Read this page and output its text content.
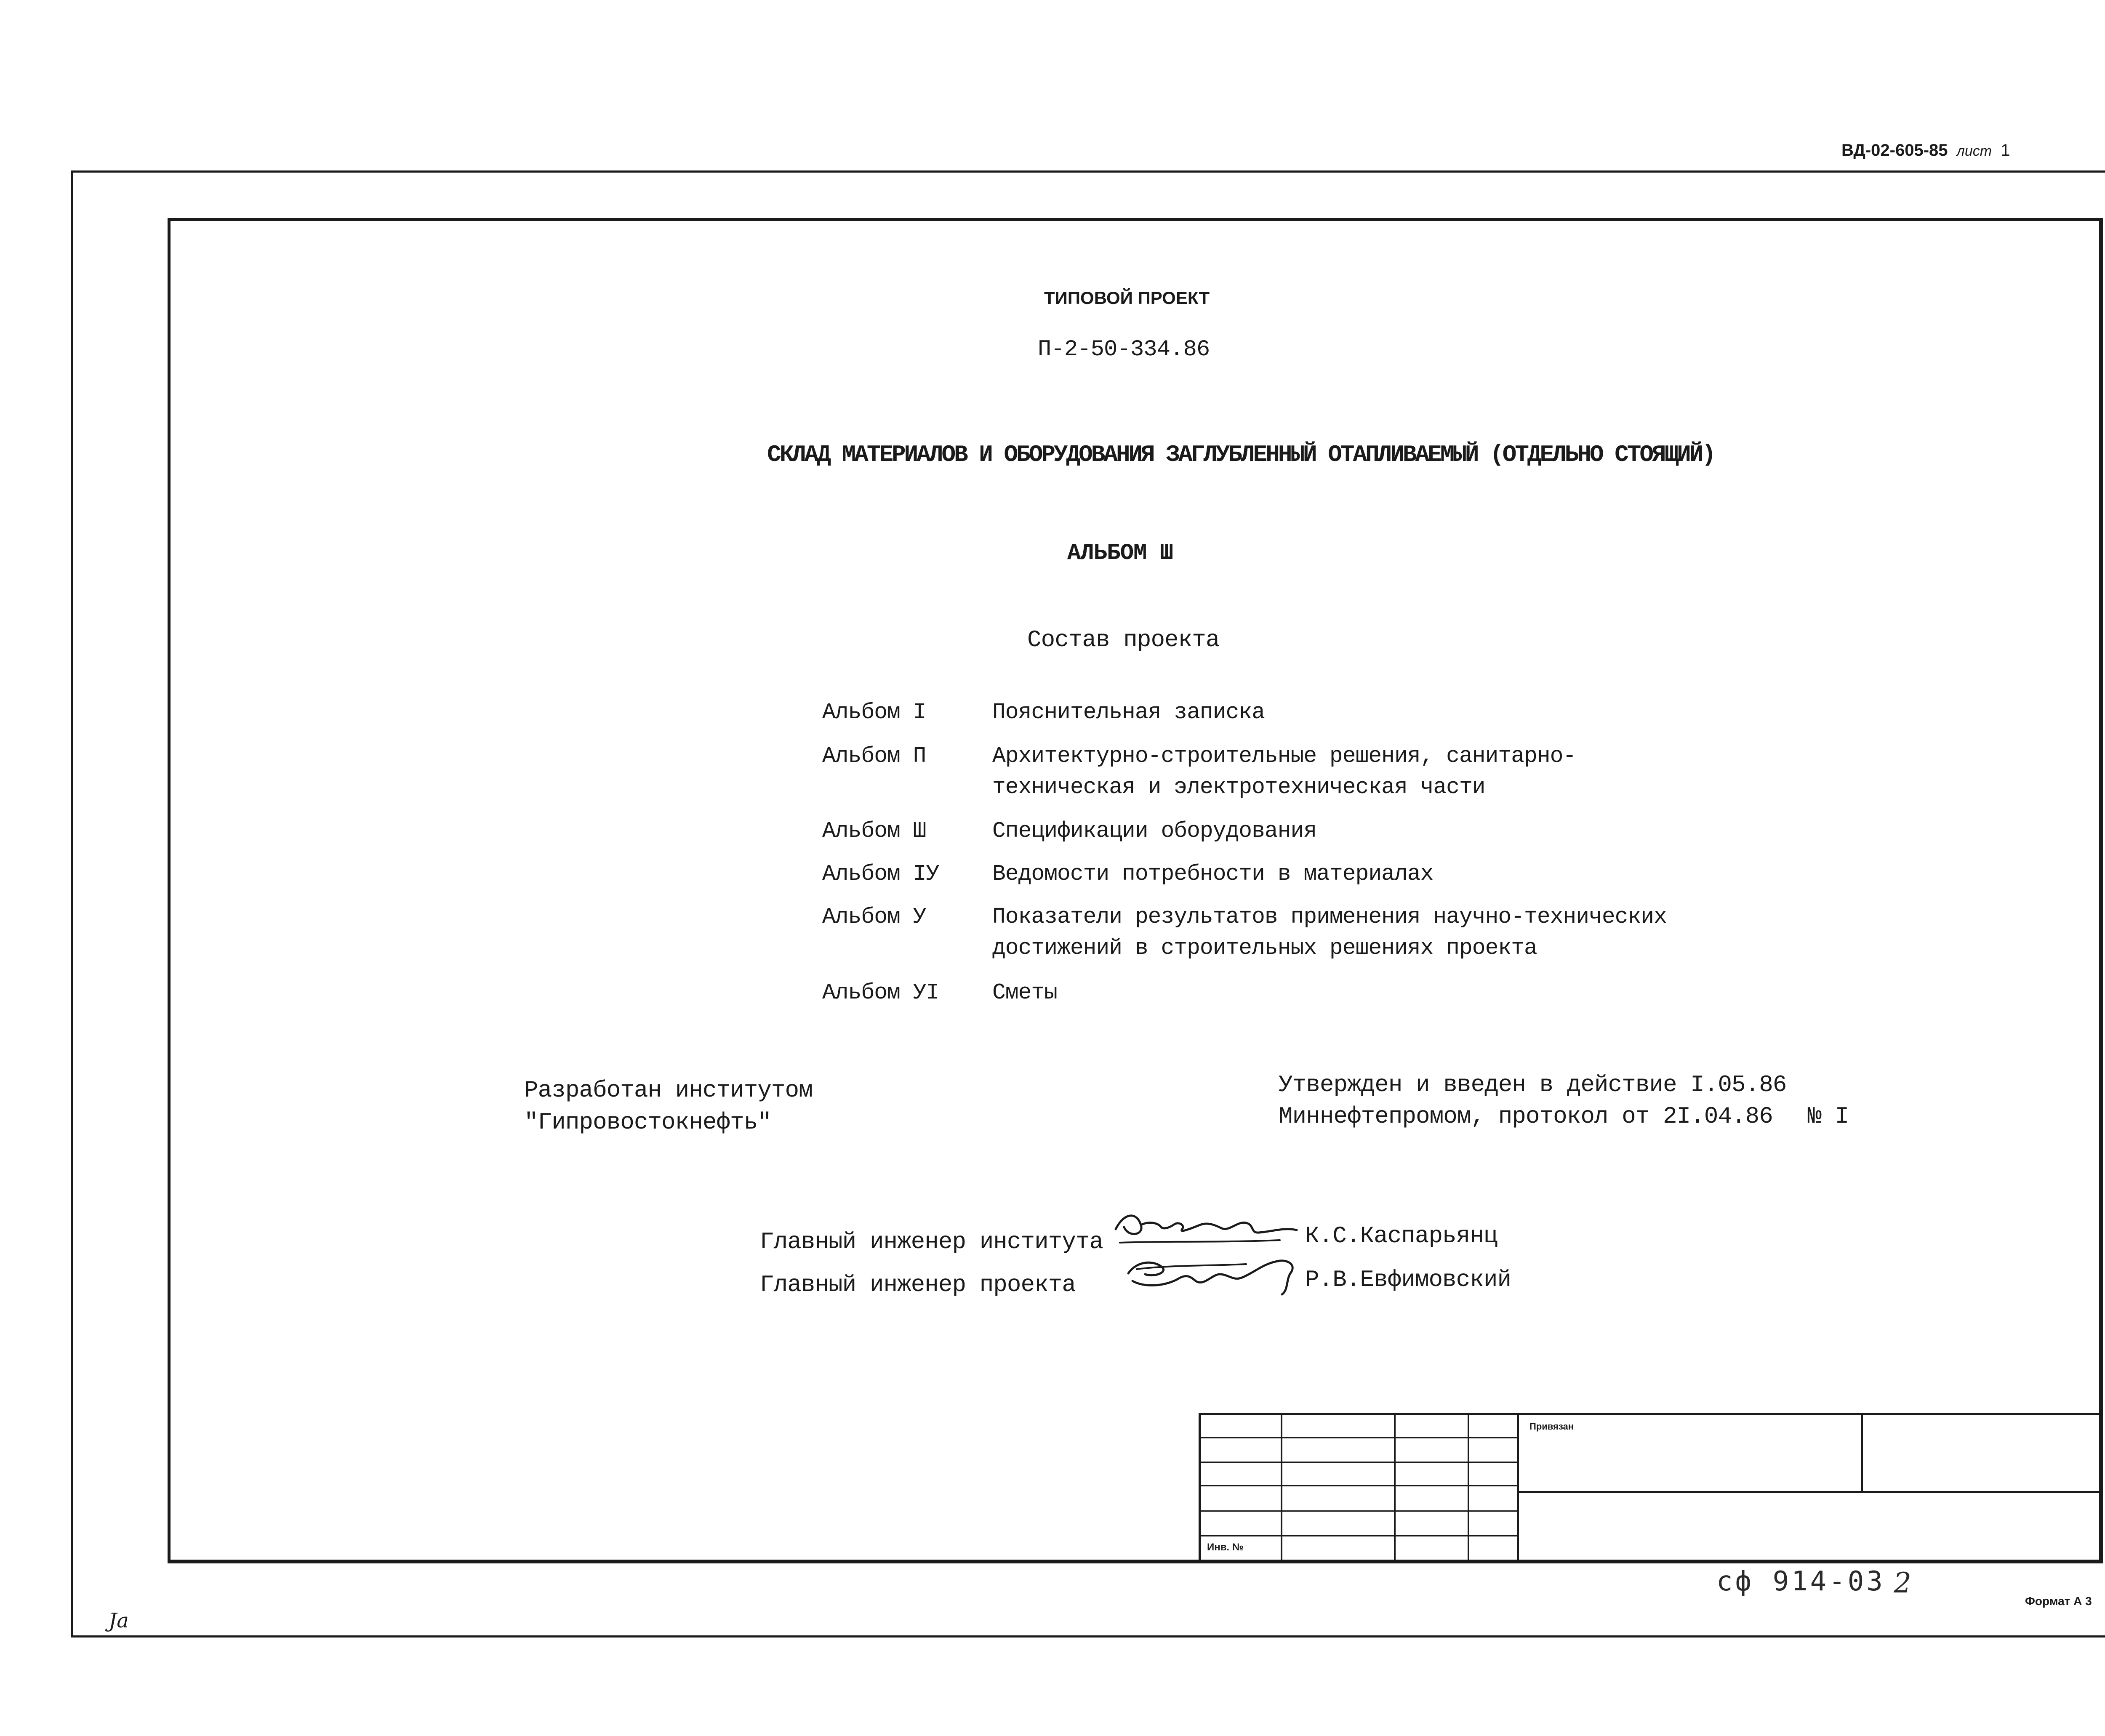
ВД-02-605-85 лист 1
ТИПОВОЙ ПРОЕКТ
П-2-50-334.86
СКЛАД МАТЕРИАЛОВ И ОБОРУДОВАНИЯ ЗАГЛУБЛЕННЫЙ ОТАПЛИВАЕМЫЙ (ОТДЕЛЬНО СТОЯЩИЙ)
АЛЬБОМ Ш
Состав проекта
Альбом I	Пояснительная записка
Альбом П	Архитектурно-строительные решения, санитарно-
техническая и электротехническая части
Альбом Ш	Спецификации оборудования
Альбом IУ Ведомости потребности в материалах
Альбом У	Показатели результатов применения научно-технических
достижений в строительных решениях проекта
Альбом УI Сметы
Разработан институтом
"Гипровостокнефть"
Утвержден и введен в действие I.05.86
Миннефтепромом, протокол от 2I.04.86 № I
Главный инженер института	К.С.Каспарьянц
Главный инженер проекта	Р.В.Евфимовский
Привязан
Инв. №
сф 914-03 2
Формат А 3
Ja
